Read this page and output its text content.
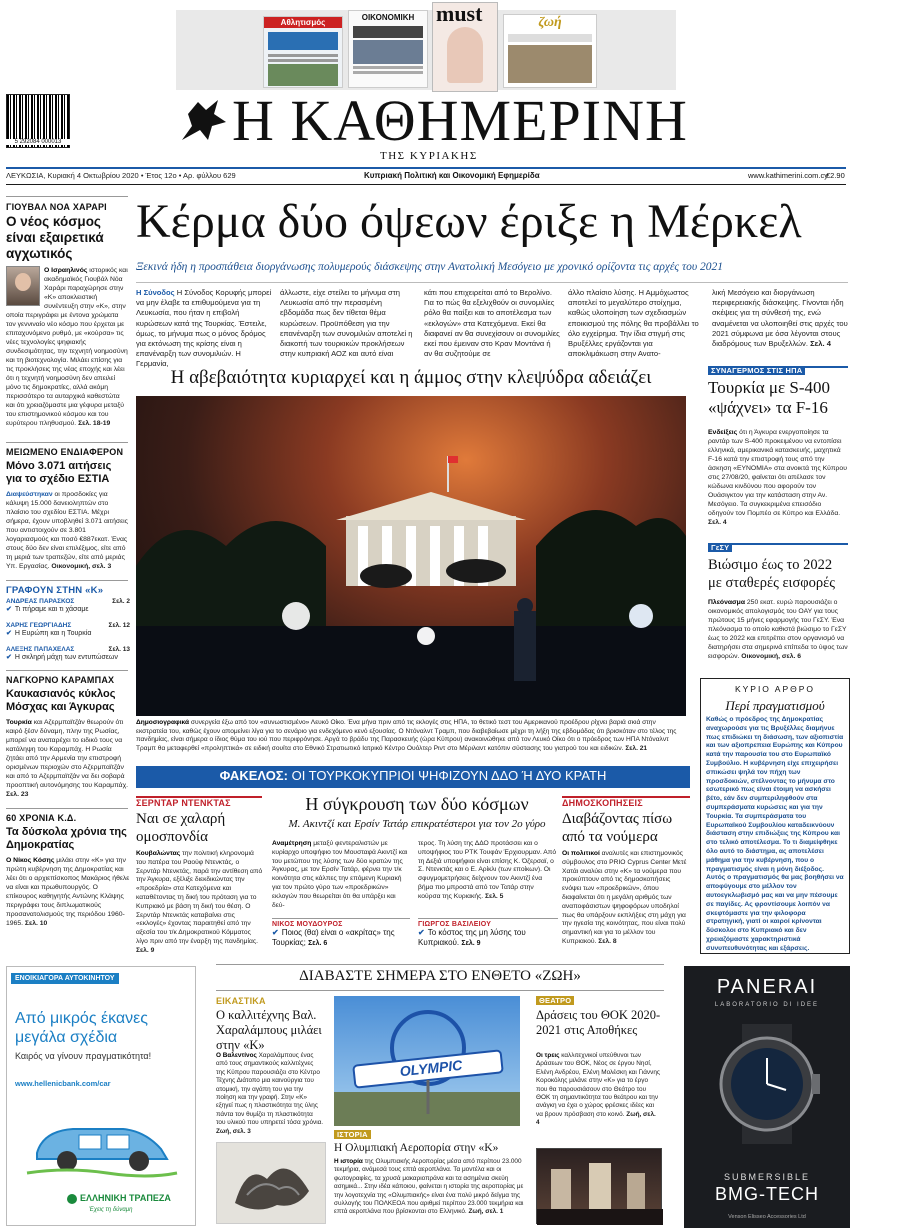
Αθλητισμός
ΟΙΚΟΝΟΜΙΚΗ must	ζωή
5 292084 000013	Η ΚΑΘΗΜΕΡΙΝΗ
ΤΗΣ ΚΥΡΙΑΚΗΣ
ΛΕΥΚΩΣΙΑ, Κυριακή 4 Οκτωβρίου 2020 • Έτος 12ο • Αρ. φύλλου 629	Κυπριακή Πολιτική και Οικονομική Εφημερίδα	www.kathimerini.com.cy
€2.90
Κέρμα δύο όψεων έριξε η Μέρκελ
Ξεκινά ήδη η προσπάθεια διοργάνωσης πολυμερούς διάσκεψης στην Ανατολική Μεσόγειο με χρονικό ορίζοντα τις αρχές του 2021
Η Σύνοδος Η Σύνοδος Κορυφής μπορεί να μην έλαβε τα επιθυμούμενα για τη Λευκωσία, που ήταν η επιβολή κυρώσεων κατά της Τουρκίας. Έστειλε, όμως, το μήνυμα πως ο μόνος δρόμος για εκτόνωση της κρίσης είναι η επανέναρξη των συνομιλιών. Η Γερμανία,
άλλωστε, είχε στείλει το μήνυμα στη Λευκωσία από την περασμένη εβδομάδα πως δεν τίθεται θέμα κυρώσεων. Προϋπόθεση για την επανέναρξη των συνομιλιών αποτελεί η διακοπή των τουρκικών προκλήσεων στην κυπριακή ΑΟΖ και αυτό είναι
κάτι που επιχειρείται από το Βερολίνο. Για το πώς θα εξελιχθούν οι συνομιλίες ρόλο θα παίξει και το αποτέλεσμα των «εκλογών» στα Κατεχόμενα. Εκεί θα διαφανεί αν θα συνεχίσουν οι συνομιλίες εκεί που έμειναν στο Κραν Μοντάνα ή αν θα συζητούμε σε
άλλο πλαίσιο λύσης. Η Αμμόχωστος αποτελεί το μεγαλύτερο στοίχημα, καθώς υλοποίηση των σχεδιασμών εποικισμού της πόλης θα προβάλλει το όλο εγχείρημα. Την ίδια στιγμή στις Βρυξέλλες εργάζονται για αποκλιμάκωση στην Ανατο-
λική Μεσόγειο και διοργάνωση περιφερειακής διάσκεψης. Γίνονται ήδη σκέψεις για τη σύνθεσή της, ενώ αναμένεται να υλοποιηθεί στις αρχές του 2021 σύμφωνα με όσα λέγονται στους διαδρόμους των Βρυξελλών. Σελ. 4
Η αβεβαιότητα κυριαρχεί και η άμμος στην κλεψύδρα αδειάζει
Δημοσιογραφικά συνεργεία έξω από τον «συνωστισμένο» Λευκό Οίκο. Ένα μήνα πριν από τις εκλογές στις ΗΠΑ, το θετικό τεστ του Αμερικανού προέδρου ρίχνει βαριά σκιά στην εκστρατεία του, καθώς έχουν απομείνει λίγα για το σενάριο για ενδεχόμενο κενό εξουσίας. Ο Ντόναλντ Τραμπ, που διαβεβαίωσε μέχρι τη λήξη της εβδομάδας ότι βρισκόταν στο τέλος της πανδημίας, είναι σήμερα ο ίδιος θύμα του ιού που περιφρόνησε. Αργά το βράδυ της Παρασκευής (ώρα Κύπρου) ανακοινώθηκε από τον Λευκό Οίκο ότι ο πρόεδρος των ΗΠΑ Ντόναλντ Τραμπ θα μεταφερθεί «προληπτικά» σε ειδική σουίτα στο Εθνικό Στρατιωτικό Ιατρικό Κέντρο Ουόλτερ Ριντ στο Μέριλαντ κατόπιν σύστασης του γιατρού του και ειδικών. Σελ. 21
ΓΙΟΥΒΑΛ ΝΟΑ ΧΑΡΑΡΙ
Ο νέος κόσμος είναι εξαιρετικά αγχωτικός
Ο Ισραηλινός ιστορικός και ακαδημαϊκός Γιουβάλ Νόα Χαράρι παραχώρησε στην «Κ» αποκλειστική συνέντευξη στην «Κ», στην οποία περιγράφει με έντονα χρώματα τον γεννιναίο νέο κόσμο που έρχεται με επιταχυνόμενο ρυθμό, με «κούρσα» τις νέες τεχνολογίες ψηφιακής συνδεσιμότητας, την τεχνητή νοημοσύνη και τη βιοτεχνολογία. Μιλάει επίσης για τις προκλήσεις της νέας εποχής και λέει ότι η τεχνητή νοημοσύνη δεν απειλεί μόνο τις δημοκρατίες, αλλά ακόμη περισσότερο τα αυταρχικά καθεστώτα και ότι χρειαζόμαστε μια γέφυρα μεταξύ του επιστημονικού κόσμου και του ευρύτερου πληθυσμού. Σελ. 18-19
ΜΕΙΩΜΕΝΟ ΕΝΔΙΑΦΕΡΟΝ
Μόνο 3.071 αιτήσεις για το σχέδιο ΕΣΤΙΑ
Διαψεύστηκαν οι προσδοκίες για κάλυψη 15.000 δανειοληπτών στο πλαίσιο του σχεδίου ΕΣΤΙΑ. Μέχρι σήμερα, έχουν υποβληθεί 3.071 αιτήσεις που αντιστοιχούν σε 3.801 λογαριασμούς και ποσό €887εκατ. Ένας στους δύο δεν είναι επιλέξιμος, είτε από τη μεριά των τραπεζών, είτε από μεριάς Υπ. Εργασίας. Οικονομική, σελ. 3
ΓΡΑΦΟΥΝ ΣΤΗΝ «Κ»
ΑΝΔΡΕΑΣ ΠΑΡΑΣΚΟΣ	Σελ. 2
✔ Τι πήραμε και τι χάσαμε
ΧΑΡΗΣ ΓΕΩΡΓΙΑΔΗΣ	Σελ. 12
✔ Η Ευρώπη και η Τουρκία
ΑΛΕΞΗΣ ΠΑΠΑΧΕΛΑΣ	Σελ. 13
✔ Η σκληρή μάχη των εντυπώσεων
ΝΑΓΚΟΡΝΟ ΚΑΡΑΜΠΑΧ
Καυκασιανός κύκλος Μόσχας και Άγκυρας
Τουρκία και Αζερμπαϊτζάν θεωρούν ότι καιρό ξέσν δύναμη, πλην της Ρωσίας, μπορεί να αναταρέχει το ειδικό τους να κατάληψη του Καραμπάχ. Η Ρωσία ζητάει από την Αρμενία την επιστροφή ορισμένων περιοχών στο Αζερμπαϊτζάν και από το Αζερμπαϊτζάν να δει σοβαρά προοπτική αυτονόμησης του Καραμπάχ. Σελ. 23
60 ΧΡΟΝΙΑ Κ.Δ.
Τα δύσκολα χρόνια της Δημοκρατίας
Ο Νίκος Κόσης μιλάει στην «Κ» για την πρώτη κυβέρνηση της Δημοκρατίας και λέει ότι ο αρχιεπίσκοπος Μακάριος ήθελε να είναι και πρωθυπουργός. Ο επίκουρος καθηγητής Αντώνης Κλάψης περιγράφει τους διπλωματικούς προσανατολισμούς της περιόδου 1960-1965. Σελ. 10
ΣΥΝΑΓΕΡΜΟΣ ΣΤΙΣ ΗΠΑ
Τουρκία με S-400 «ψάχνει» τα F-16
Ενδείξεις ότι η Άγκυρα ενεργοποίησε τα ραντάρ των S-400 προκειμένου να εντοπίσει ελληνικά, αμερικανικά κατασκευής, μαχητικά F-16 κατά την επιστροφή τους από την άσκηση «ΕΥΝΟΜΙΑ» στα ανοικτά της Κύπρου στις 27/08/20, φαίνεται ότι απέλασε τον κώδωνα κινδύνου που αφορούν τον Ουάσιγκτον για την κατάσταση στην Αν. Μεσόγειο. Τα συγκεκριμένα επεισόδιο οδηγούν τον Πομπέο σε Κύπρο και Ελλάδα. Σελ. 4
ΓεΣΥ
Βιώσιμο έως το 2022 με σταθερές εισφορές
Πλεόνασμα 250 εκατ. ευρώ παρουσιάζει ο οικονομικός απολογισμός του ΟΑΥ για τους πρώτους 15 μήνες εφαρμογής του ΓεΣΥ. Ένα πλεόνασμα το οποίο καθιστά βιώσιμο το ΓεΣΥ έως το 2022 και επιτρέπει στον οργανισμό να διατηρήσει στα σημερινά επίπεδα το ύψος των εισφορών. Οικονομική, σελ. 6
ΚΥΡΙΟ ΑΡΘΡΟ
Περί πραγματισμού
Καθώς ο πρόεδρος της Δημοκρατίας αναχωρούσε για τις Βρυξέλλες διαμήνυε πως επιδιώκει τη διάσωση, των αξιοπιστία και των αξιοπρεπεια Ευρώπης και Κύπρου κατά την παρουσία του στο Ευρωπαϊκό Συμβούλιο. Η κυβέρνηση είχε επιχειρήσει σπικώσει ψηλά τον πήχη των προσδοκιών, στέλνοντας το μήνυμα στο εσωτερικό πως είναι έτοιμη να ασκήσει βέτο, εάν δεν συμπεριληφθούν στα συμπεράσματα κυρώσεις και για την Τουρκία. Τα συμπεράσματα του Ευρωπαϊκού Συμβουλίου καταδεικνύουν διάσταση στην επιδιώξεις της Κύπρου και στο τελικό αποτέλεσμα. Το τι διαμείφθηκε όλο αυτό το διάστημα, ας αποτελέσει μάθημα για την κυβέρνηση, που ο πραγματισμός είναι η μόνη διέξοδος. Αυτός ο πραγματισμός θα μας βοηθήσει να αποφύγουμε στο μέλλον τον αυτοεγκλωβισμό μας και να μην πέσουμε σε παγίδες. Ας φροντίσουμε λοιπόν να σκεφτόμαστε για την φιλοφορα στρατηγική, γιατί οι καιροί κρίνονται δύσκολοι στο Κυπριακό και δεν χρειαζόμαστε χαρακτηριστικά συνυπευθυνότητας και εξάρσεις.
ΦΑΚΕΛΟΣ: ΟΙ ΤΟΥΡΚΟΚΥΠΡΙΟΙ ΨΗΦΙΖΟΥΝ ΔΔΟ Ή ΔΥΟ ΚΡΑΤΗ
ΣΕΡΝΤΑΡ ΝΤΕΝΚΤΑΣ
Ναι σε χαλαρή ομοσπονδία
Κουβαλώντας την πολιτική κληρονομιά του πατέρα του Ραούφ Ντενκτάς, ο Σερντάρ Ντενκτάς, παρά την αντίθεση από την Άγκυρα, εξέλιξε διεκδικώντας την «προεδρία» στα Κατεχόμενα και καταθέτοντας τη δική του πρόταση για το Κυπριακό με βάση τη δική του θέση. Ο Σερντάρ Ντενκτάς καταβαίνει στις «εκλογές» έχοντας παραιτηθεί από την αξεσία του τ/κ Δημοκρατικού Κόμματος λίγο πριν από την έναρξη της πανδημίας. Σελ. 9
Η σύγκρουση των δύο κόσμων
Μ. Ακιντζί και Ερσίν Τατάρ επικρατέστεροι για τον 2ο γύρο
Αναμέτρηση μεταξύ φεντεραλιστών με κυρίαρχο υποψήφιο τον Μουσταφά Ακιντζί και του μετώπου της λύσης των δύο κρατών της Άγκυρας, με τον Ερσίν Τατάρ, φέρνει την τ/κ κοινότητα στις κάλπες την επόμενη Κυριακή για τον πρώτο γύρο των «προεδρικών» εκλογών που θεωρείται ότι θα υπάρξει και δεύ-
τερος. Τη λύση της ΔΔΟ προτάσσει και ο υποψήφιος του ΡΤΚ Τουφάν Έρχιουρμαν. Από τη Δεξιά υποψήφιοι είναι επίσης Κ. Όζερσαϊ, ο Σ. Ντενκτάς και ο Ε. Αρίκλι (των εποίκων). Οι σφυγμομετρήσεις δείχνουν τον Ακιντζί ένα βήμα πιο μπροστά από τον Τατάρ στην κούρσα της Κυριακής. Σελ. 5
ΝΙΚΟΣ ΜΟΥΔΟΥΡΟΣ
✔ Ποιος (θα) είναι ο «ακρίτας» της Τουρκίας; Σελ. 6
ΓΙΩΡΓΟΣ ΒΑΣΙΛΕΙΟΥ
✔ Το κόστος της μη λύσης του Κυπριακού. Σελ. 9
ΔΗΜΟΣΚΟΠΗΣΕΙΣ
Διαβάζοντας πίσω από τα νούμερα
Οι πολιτικοί αναλυτές και επιστημονικός σύμβουλος στο PRIO Cyprus Center Μετέ Χατάι αναλύει στην «Κ» τα νούμερα που προκύπτουν από τις δημοσκοπήσεις ενόψει των «προεδρικών», όπου διαφαίνεται ότι η μεγάλη αριθμός των αναποφάσιστων ψηφοφόρων υποδηλοί πως θα υπάρξουν εκπλήξεις στη μάχη για την ηγεσία της κοινότητας, που είναι πολύ σημαντική και για το μέλλον του Κυπριακού. Σελ. 8
ΔΙΑΒΑΣΤΕ ΣΗΜΕΡΑ ΣΤΟ ΕΝΘΕΤΟ «ΖΩΗ»
ΕΙΚΑΣΤΙΚΑ
Ο καλλιτέχνης Βαλ. Χαραλάμπους μιλάει στην «Κ»
Ο Βαλεντίνος Χαραλάμπους ένας από τους σημαντικούς καλλιτέχνες της Κύπρου παρουσιάζει στο Κέντρο Τέχνης Διάτοπο μια καινούργια του ατομική, την αγάπη του για την ποίηση και την γραφή. Στην «Κ» εξηγεί πως η πλαστικότητα της ύλης πάντα τον θυμίζει τη πλαστικότητα του υλικού που υπηρετεί τόσα χρόνια. Ζωή, σελ. 3
OLYMPIC
ΙΣΤΟΡΙΑ
Η Ολυμπιακή Αεροπορία στην «Κ»
Η ιστορία της Ολυμπιακής Αεροπορίας μέσα από περίπου 23.000 τεκμήρια, ανάμεσά τους επτά αεροπλάνα. Τα μοντέλα και οι φωτογραφίες, τα χρυσά μακαριοπράνα και τα ασημένια σκεύη ασημικά... Στην ιδέα κάποιου, φαίνεται η ιστορία της αεροπορίας με την λογοτεχνία της «Ολυμπιακής» είναι ένα πολύ μικρό δείγμα της συλλογής του ΠΟΛΚΕΟΑ που αριθμεί περίπου 23.000 τεκμήρια και επτά αεροπλάνα που βρίσκονται στο Ελληνικό. Ζωή, σελ. 1
ΘΕΑΤΡΟ
Δράσεις του ΘΟΚ 2020-2021 στις Αποθήκες
Οι τρεις καλλιτεχνικοί υπεύθυνοι των Δράσεων του ΘΟΚ, Νέος σε έργου Νησί, Ελένη Ανδρέου, Ελένη Μολέσκη και Γιάννης Κοροκόλης μιλάνε στην «Κ» για το έργο που θα παρουσιάσουν στο Θεάτρο του ΘΟΚ τη σημαντικότητα του θεάτρου και την ανάγκη να έχει ο χώρος φρέσκες ιδέες και να βρουν πρόσβαση στο κοινό. Ζωή, σελ. 4
ΕΝΟΙΚΙΑΓΟΡΑ ΑΥΤΟΚΙΝΗΤΟΥ
Από μικρός έκανες μεγάλα σχέδια
Καιρός να γίνουν πραγματικότητα!
www.hellenicbank.com/car
ΕΛΛΗΝΙΚΗ ΤΡΑΠΕΖΑ
Έχεις τη δύναμη
PANERAI
LABORATORIO DI IDEE
SUBMERSIBLE
BMG-TECH
Venson Elisseo Accessories Ltd
